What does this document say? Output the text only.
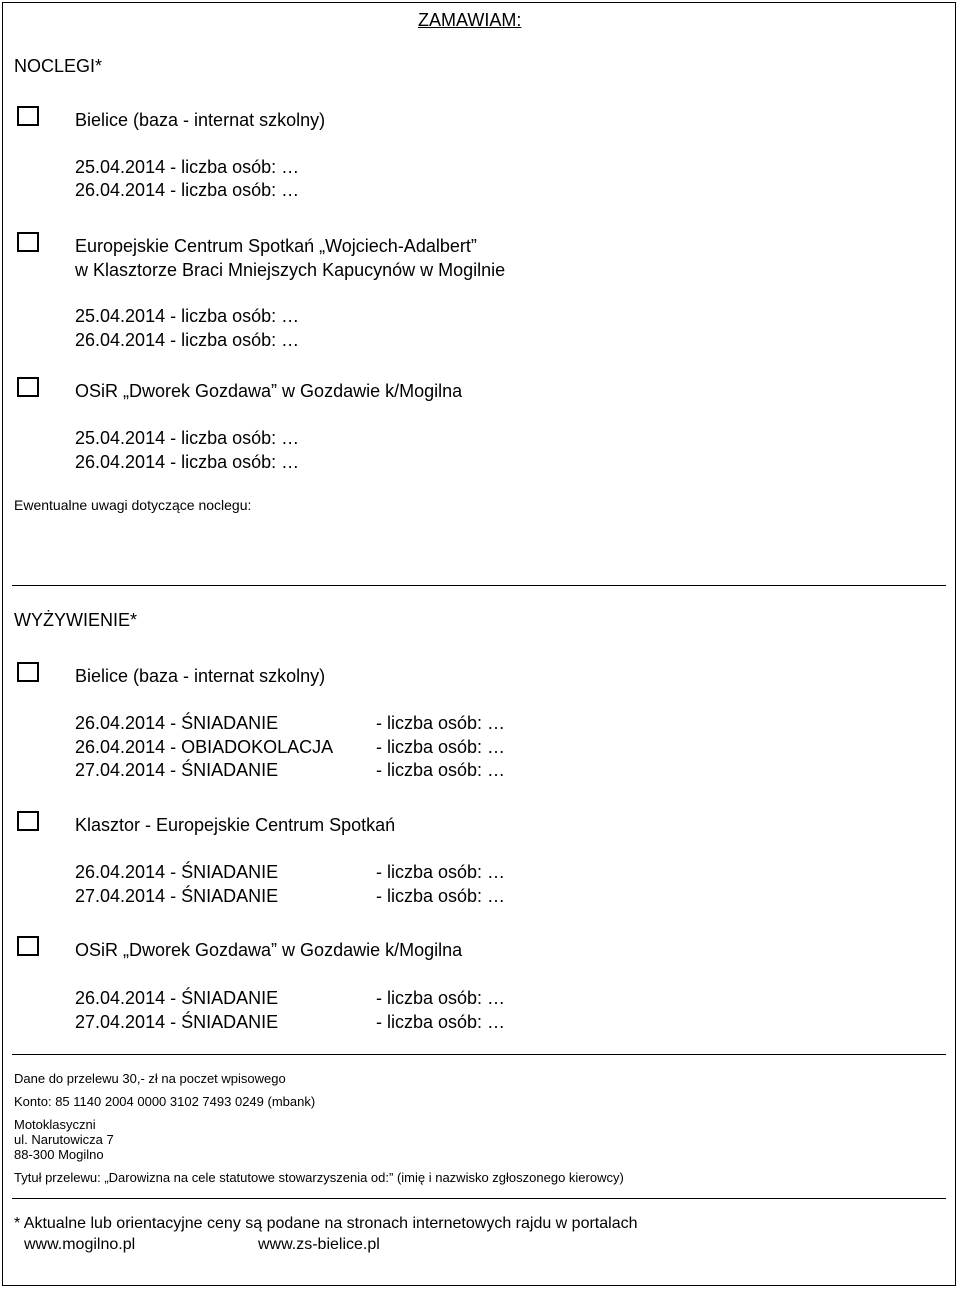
ZAMAWIAM:
NOCLEGI*
Bielice (baza - internat szkolny)
25.04.2014 - liczba osób: …
26.04.2014 - liczba osób: …
Europejskie Centrum Spotkań „Wojciech-Adalbert”
w Klasztorze Braci Mniejszych Kapucynów w Mogilnie
25.04.2014 - liczba osób: …
26.04.2014 - liczba osób: …
OSiR „Dworek Gozdawa” w Gozdawie k/Mogilna
25.04.2014 - liczba osób: …
26.04.2014 - liczba osób: …
Ewentualne uwagi dotyczące noclegu:
WYŻYWIENIE*
Bielice (baza - internat szkolny)
26.04.2014 - ŚNIADANIE	- liczba osób: …
26.04.2014 - OBIADOKOLACJA - liczba osób: …
27.04.2014 - ŚNIADANIE	- liczba osób: …
Klasztor - Europejskie Centrum Spotkań
26.04.2014 - ŚNIADANIE	- liczba osób: …
27.04.2014 - ŚNIADANIE	- liczba osób: …
OSiR „Dworek Gozdawa” w Gozdawie k/Mogilna
26.04.2014 - ŚNIADANIE	- liczba osób: …
27.04.2014 - ŚNIADANIE	- liczba osób: …
Dane do przelewu 30,- zł na poczet wpisowego
Konto: 85 1140 2004 0000 3102 7493 0249 (mbank)
Motoklasyczni
ul. Narutowicza 7
88-300 Mogilno
Tytuł przelewu: „Darowizna na cele statutowe stowarzyszenia od:” (imię i nazwisko zgłoszonego kierowcy)
* Aktualne lub orientacyjne ceny są podane na stronach internetowych rajdu w portalach
www.mogilno.pl	www.zs-bielice.pl
